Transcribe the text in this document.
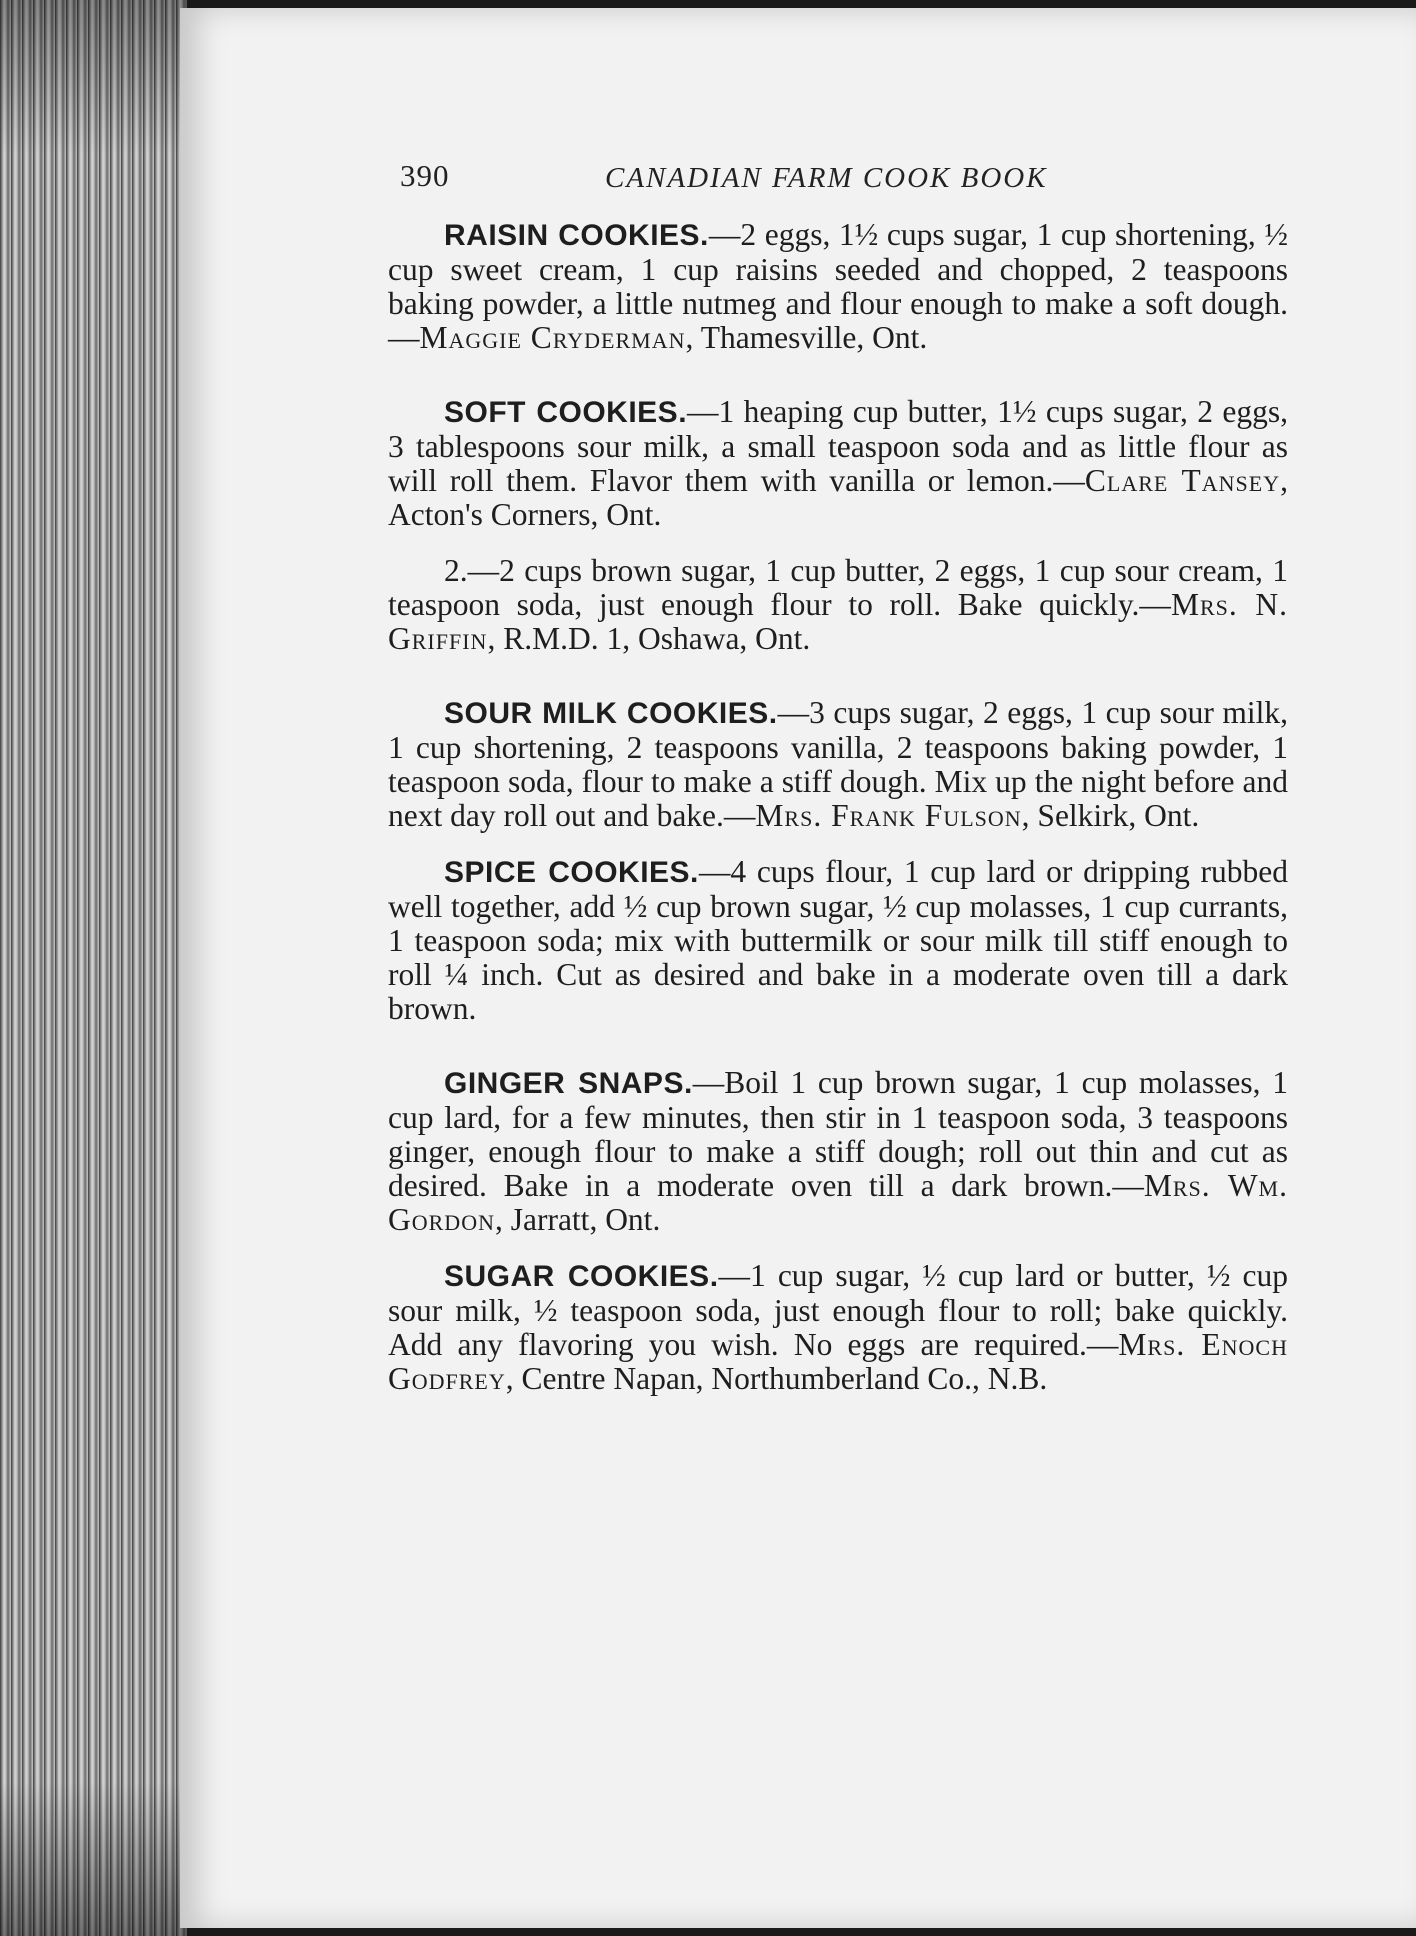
390	CANADIAN FARM COOK BOOK

RAISIN COOKIES.—2 eggs, 1½ cups sugar, 1 cup shortening, ½ cup sweet cream, 1 cup raisins seeded and chopped, 2 teaspoons baking powder, a little nutmeg and flour enough to make a soft dough.—Maggie Cryderman, Thamesville, Ont.

SOFT COOKIES.—1 heaping cup butter, 1½ cups sugar, 2 eggs, 3 tablespoons sour milk, a small teaspoon soda and as little flour as will roll them. Flavor them with vanilla or lemon.—Clare Tansey, Acton's Corners, Ont.

2.—2 cups brown sugar, 1 cup butter, 2 eggs, 1 cup sour cream, 1 teaspoon soda, just enough flour to roll. Bake quickly.—Mrs. N. Griffin, R.M.D. 1, Oshawa, Ont.

SOUR MILK COOKIES.—3 cups sugar, 2 eggs, 1 cup sour milk, 1 cup shortening, 2 teaspoons vanilla, 2 teaspoons baking powder, 1 teaspoon soda, flour to make a stiff dough. Mix up the night before and next day roll out and bake.—Mrs. Frank Fulson, Selkirk, Ont.

SPICE COOKIES.—4 cups flour, 1 cup lard or dripping rubbed well together, add ½ cup brown sugar, ½ cup molasses, 1 cup currants, 1 teaspoon soda; mix with buttermilk or sour milk till stiff enough to roll ¼ inch. Cut as desired and bake in a moderate oven till a dark brown.

GINGER SNAPS.—Boil 1 cup brown sugar, 1 cup molasses, 1 cup lard, for a few minutes, then stir in 1 teaspoon soda, 3 teaspoons ginger, enough flour to make a stiff dough; roll out thin and cut as desired. Bake in a moderate oven till a dark brown.—Mrs. Wm. Gordon, Jarratt, Ont.

SUGAR COOKIES.—1 cup sugar, ½ cup lard or butter, ½ cup sour milk, ½ teaspoon soda, just enough flour to roll; bake quickly. Add any flavoring you wish. No eggs are required.—Mrs. Enoch Godfrey, Centre Napan, Northumberland Co., N.B.
